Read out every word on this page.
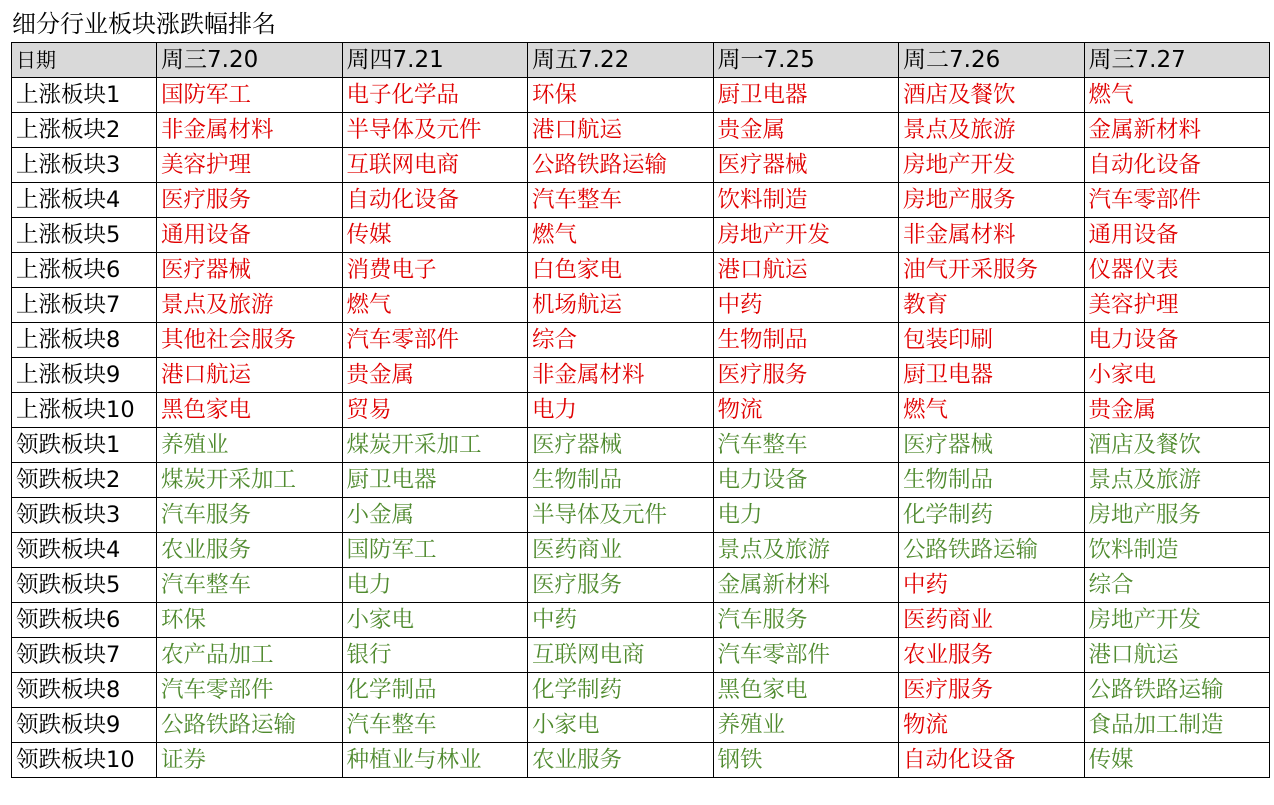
细分行业板块涨跌幅排名
日期	周三7.20	周四7.21	周五7.22	周一7.25	周二7.26	周三7.27
上涨板块1	国防军工	电子化学品	环保	厨卫电器	酒店及餐饮	燃气
上涨板块2	非金属材料	半导体及元件	港口航运	贵金属	景点及旅游	金属新材料
上涨板块3	美容护理	互联网电商	公路铁路运输	医疗器械	房地产开发	自动化设备
上涨板块4	医疗服务	自动化设备	汽车整车	饮料制造	房地产服务	汽车零部件
上涨板块5	通用设备	传媒	燃气	房地产开发	非金属材料	通用设备
上涨板块6	医疗器械	消费电子	白色家电	港口航运	油气开采服务	仪器仪表
上涨板块7	景点及旅游	燃气	机场航运	中药	教育	美容护理
上涨板块8	其他社会服务	汽车零部件	综合	生物制品	包装印刷	电力设备
上涨板块9	港口航运	贵金属	非金属材料	医疗服务	厨卫电器	小家电
上涨板块10	黑色家电	贸易	电力	物流	燃气	贵金属
领跌板块1	养殖业	煤炭开采加工	医疗器械	汽车整车	医疗器械	酒店及餐饮
领跌板块2	煤炭开采加工	厨卫电器	生物制品	电力设备	生物制品	景点及旅游
领跌板块3	汽车服务	小金属	半导体及元件	电力	化学制药	房地产服务
领跌板块4	农业服务	国防军工	医药商业	景点及旅游	公路铁路运输	饮料制造
领跌板块5	汽车整车	电力	医疗服务	金属新材料	中药	综合
领跌板块6	环保	小家电	中药	汽车服务	医药商业	房地产开发
领跌板块7	农产品加工	银行	互联网电商	汽车零部件	农业服务	港口航运
领跌板块8	汽车零部件	化学制品	化学制药	黑色家电	医疗服务	公路铁路运输
领跌板块9	公路铁路运输	汽车整车	小家电	养殖业	物流	食品加工制造
领跌板块10	证券	种植业与林业	农业服务	钢铁	自动化设备	传媒
